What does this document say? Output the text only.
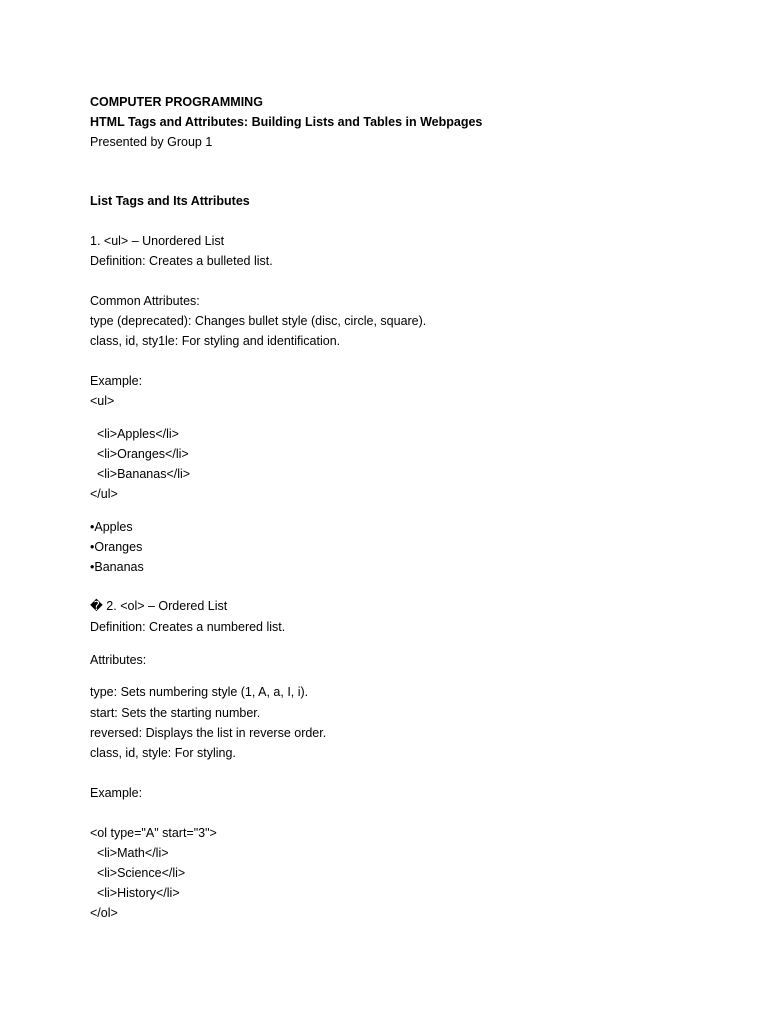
COMPUTER PROGRAMMING
HTML Tags and Attributes: Building Lists and Tables in Webpages
Presented by Group 1
List Tags and Its Attributes
1. <ul> – Unordered List
Definition: Creates a bulleted list.
Common Attributes:
type (deprecated): Changes bullet style (disc, circle, square).
class, id, sty1le: For styling and identification.
Example:
<ul>
<li>Apples</li>
<li>Oranges</li>
<li>Bananas</li>
</ul>
•Apples
•Oranges
•Bananas
� 2. <ol> – Ordered List
Definition: Creates a numbered list.
Attributes:
type: Sets numbering style (1, A, a, I, i).
start: Sets the starting number.
reversed: Displays the list in reverse order.
class, id, style: For styling.
Example:
<ol type="A" start="3">
<li>Math</li>
<li>Science</li>
<li>History</li>
</ol>
